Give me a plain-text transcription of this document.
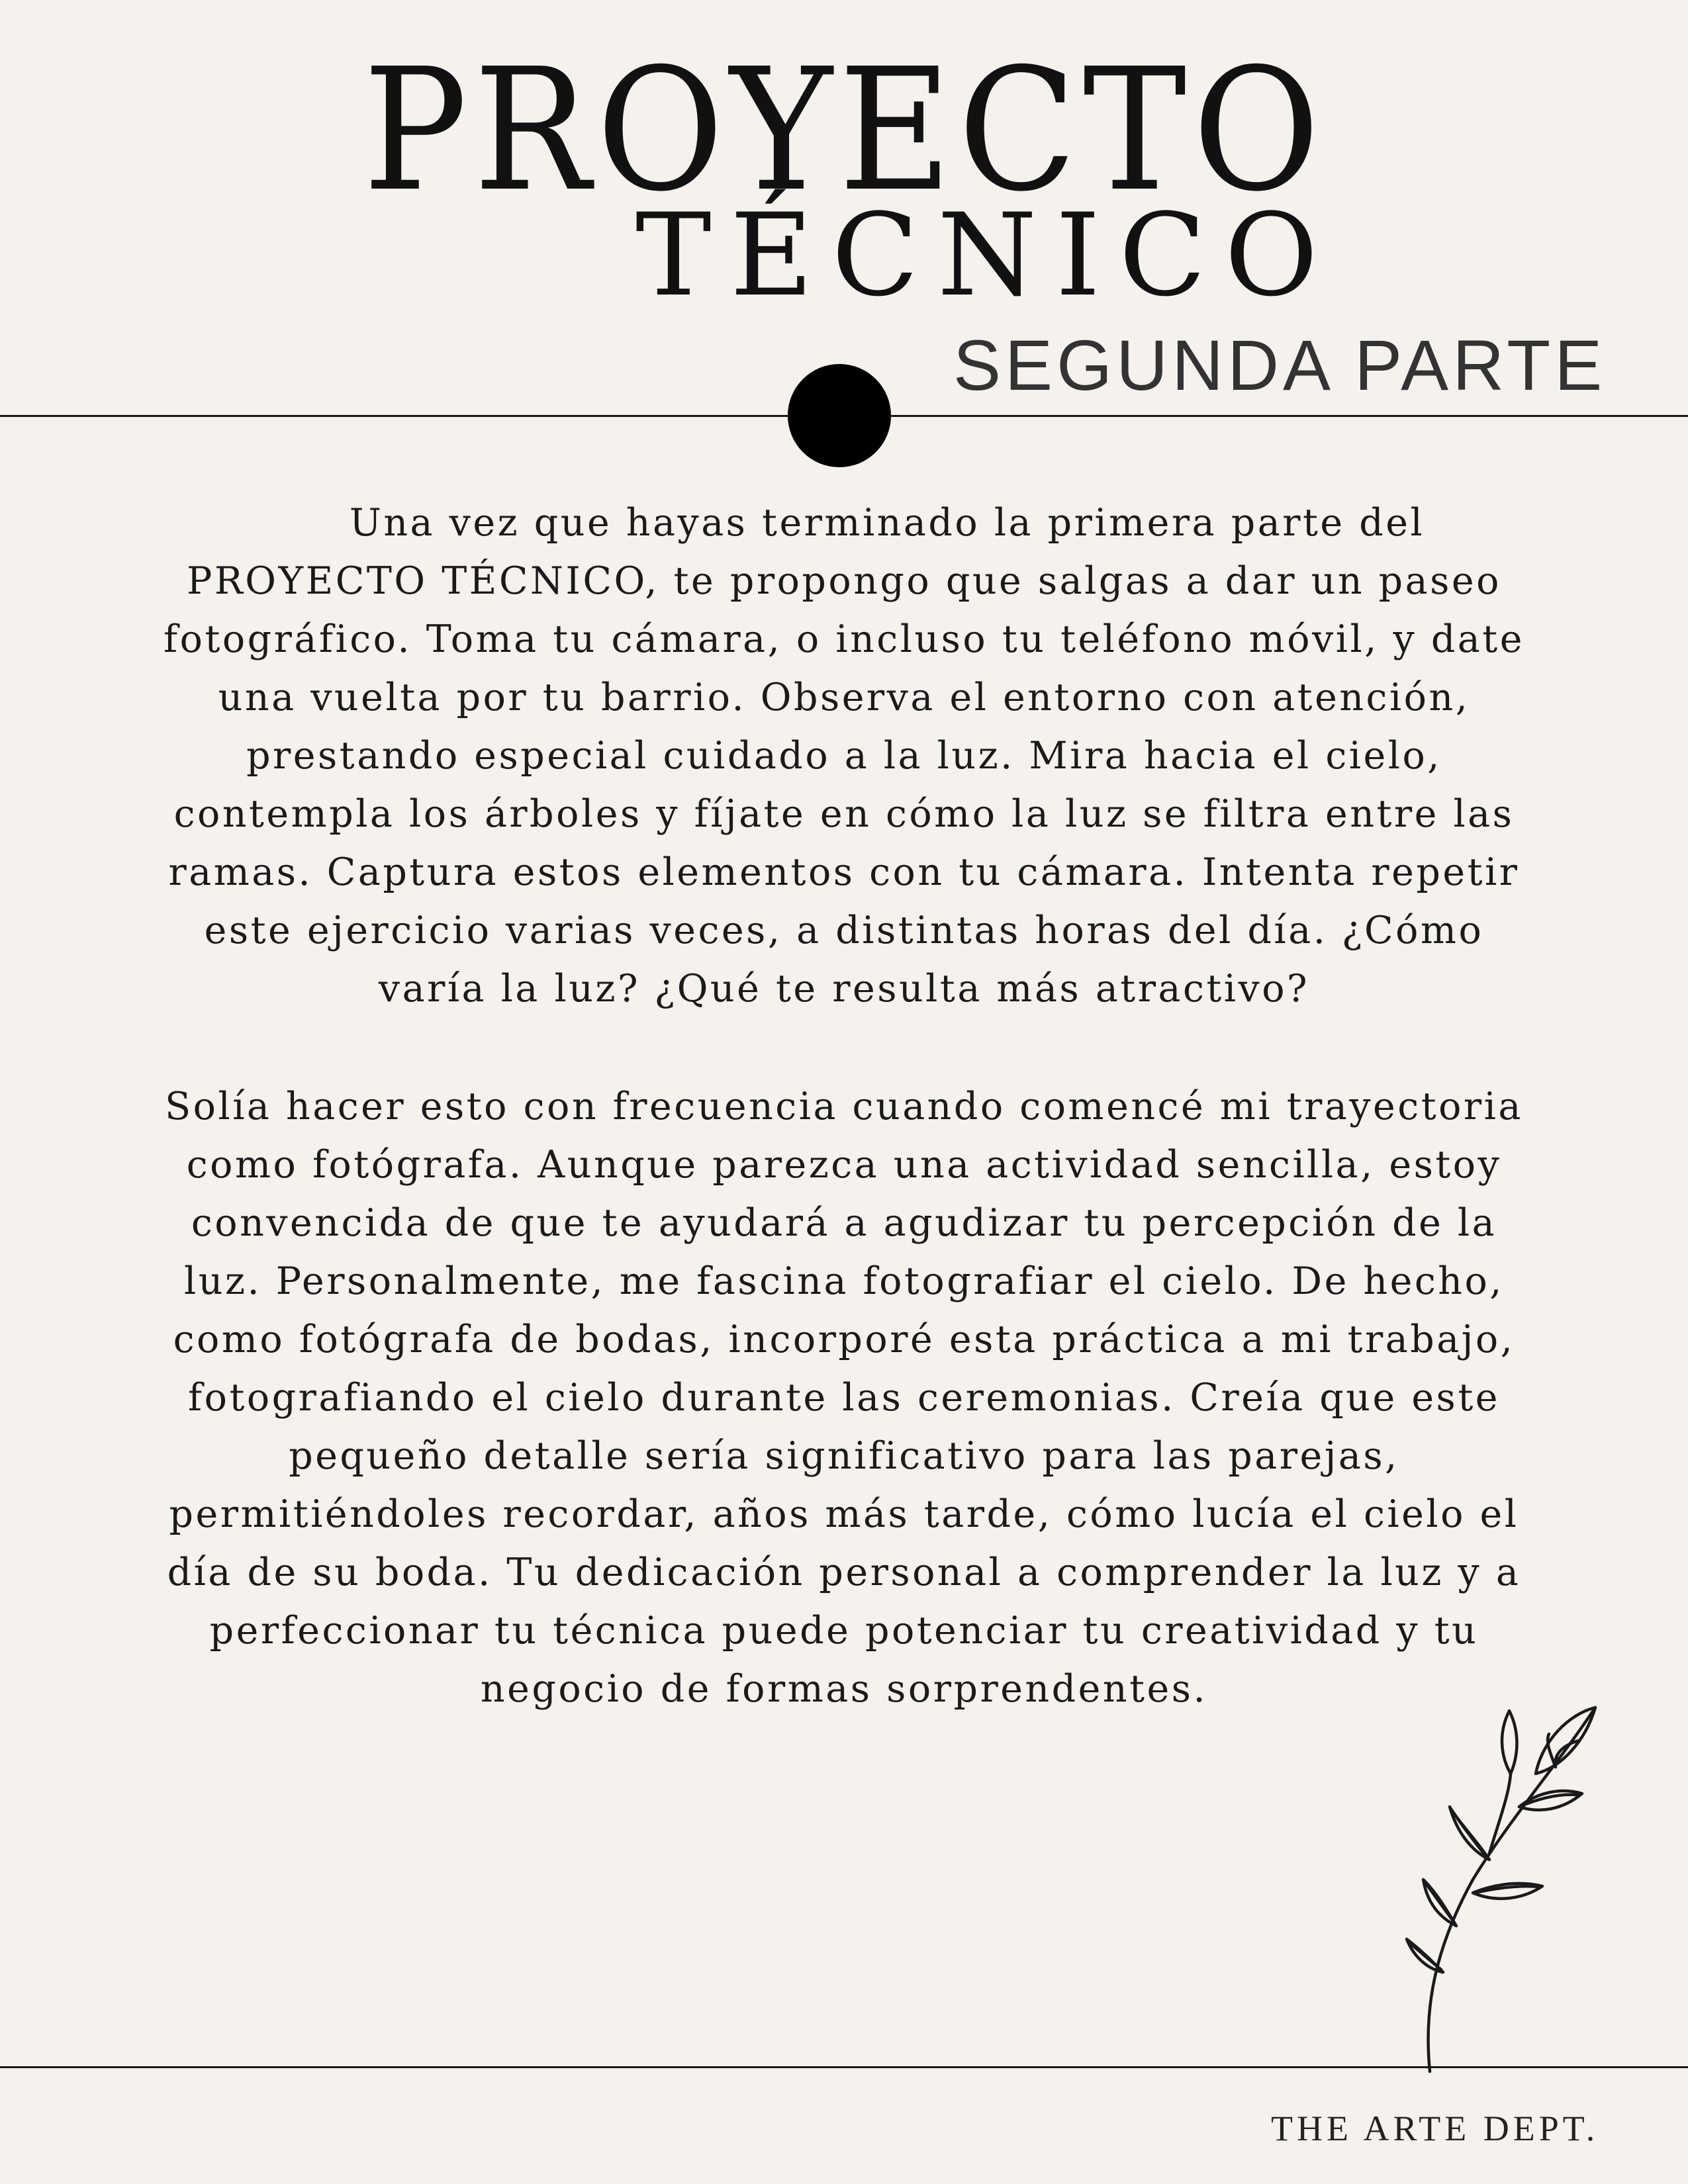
PROYECTO
TÉCNICO
SEGUNDA PARTE

Una vez que hayas terminado la primera parte del PROYECTO TÉCNICO, te propongo que salgas a dar un paseo fotográfico. Toma tu cámara, o incluso tu teléfono móvil, y date una vuelta por tu barrio. Observa el entorno con atención, prestando especial cuidado a la luz. Mira hacia el cielo, contempla los árboles y fíjate en cómo la luz se filtra entre las ramas. Captura estos elementos con tu cámara. Intenta repetir este ejercicio varias veces, a distintas horas del día. ¿Cómo varía la luz? ¿Qué te resulta más atractivo?

Solía hacer esto con frecuencia cuando comencé mi trayectoria como fotógrafa. Aunque parezca una actividad sencilla, estoy convencida de que te ayudará a agudizar tu percepción de la luz. Personalmente, me fascina fotografiar el cielo. De hecho, como fotógrafa de bodas, incorporé esta práctica a mi trabajo, fotografiando el cielo durante las ceremonias. Creía que este pequeño detalle sería significativo para las parejas, permitiéndoles recordar, años más tarde, cómo lucía el cielo el día de su boda. Tu dedicación personal a comprender la luz y a perfeccionar tu técnica puede potenciar tu creatividad y tu negocio de formas sorprendentes.

THE ARTE DEPT.
